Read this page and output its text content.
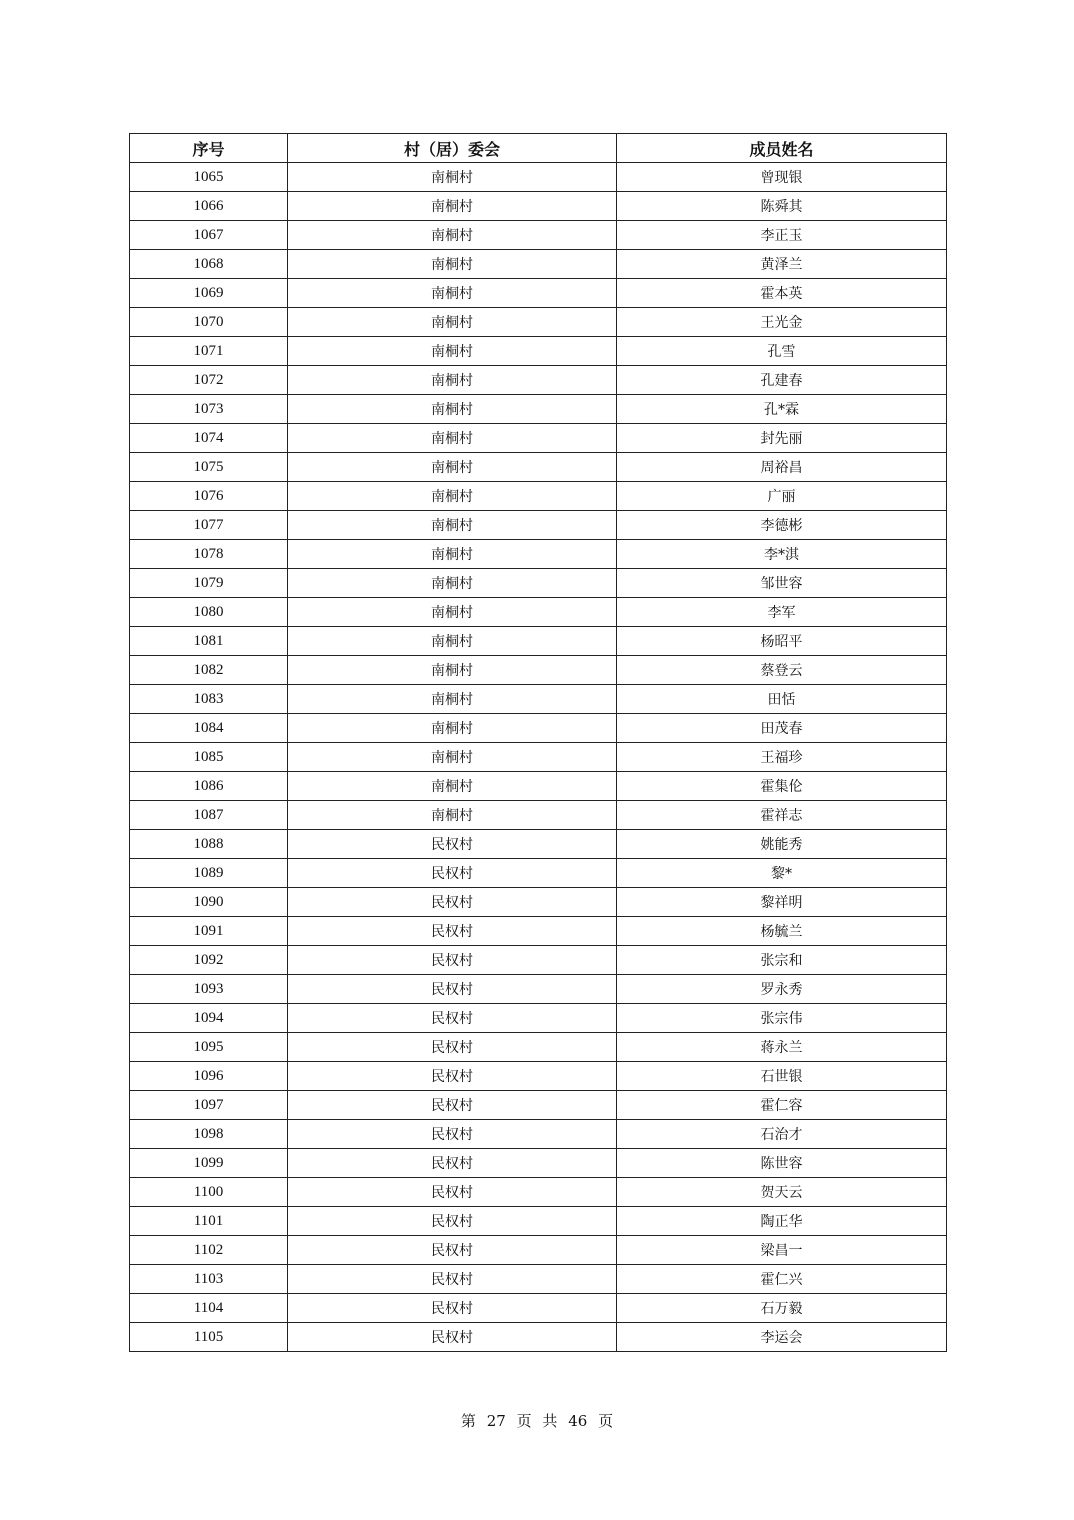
序号	村（居）委会	成员姓名
1065	南桐村	曾现银
1066	南桐村	陈舜其
1067	南桐村	李正玉
1068	南桐村	黄泽兰
1069	南桐村	霍本英
1070	南桐村	王光金
1071	南桐村	孔雪
1072	南桐村	孔建春
1073	南桐村	孔*霖
1074	南桐村	封先丽
1075	南桐村	周裕昌
1076	南桐村	广丽
1077	南桐村	李德彬
1078	南桐村	李*淇
1079	南桐村	邹世容
1080	南桐村	李军
1081	南桐村	杨昭平
1082	南桐村	蔡登云
1083	南桐村	田恬
1084	南桐村	田茂春
1085	南桐村	王福珍
1086	南桐村	霍集伦
1087	南桐村	霍祥志
1088	民权村	姚能秀
1089	民权村	黎*
1090	民权村	黎祥明
1091	民权村	杨毓兰
1092	民权村	张宗和
1093	民权村	罗永秀
1094	民权村	张宗伟
1095	民权村	蒋永兰
1096	民权村	石世银
1097	民权村	霍仁容
1098	民权村	石治才
1099	民权村	陈世容
1100	民权村	贺天云
1101	民权村	陶正华
1102	民权村	梁昌一
1103	民权村	霍仁兴
1104	民权村	石万毅
1105	民权村	李运会
第 27 页 共 46 页
